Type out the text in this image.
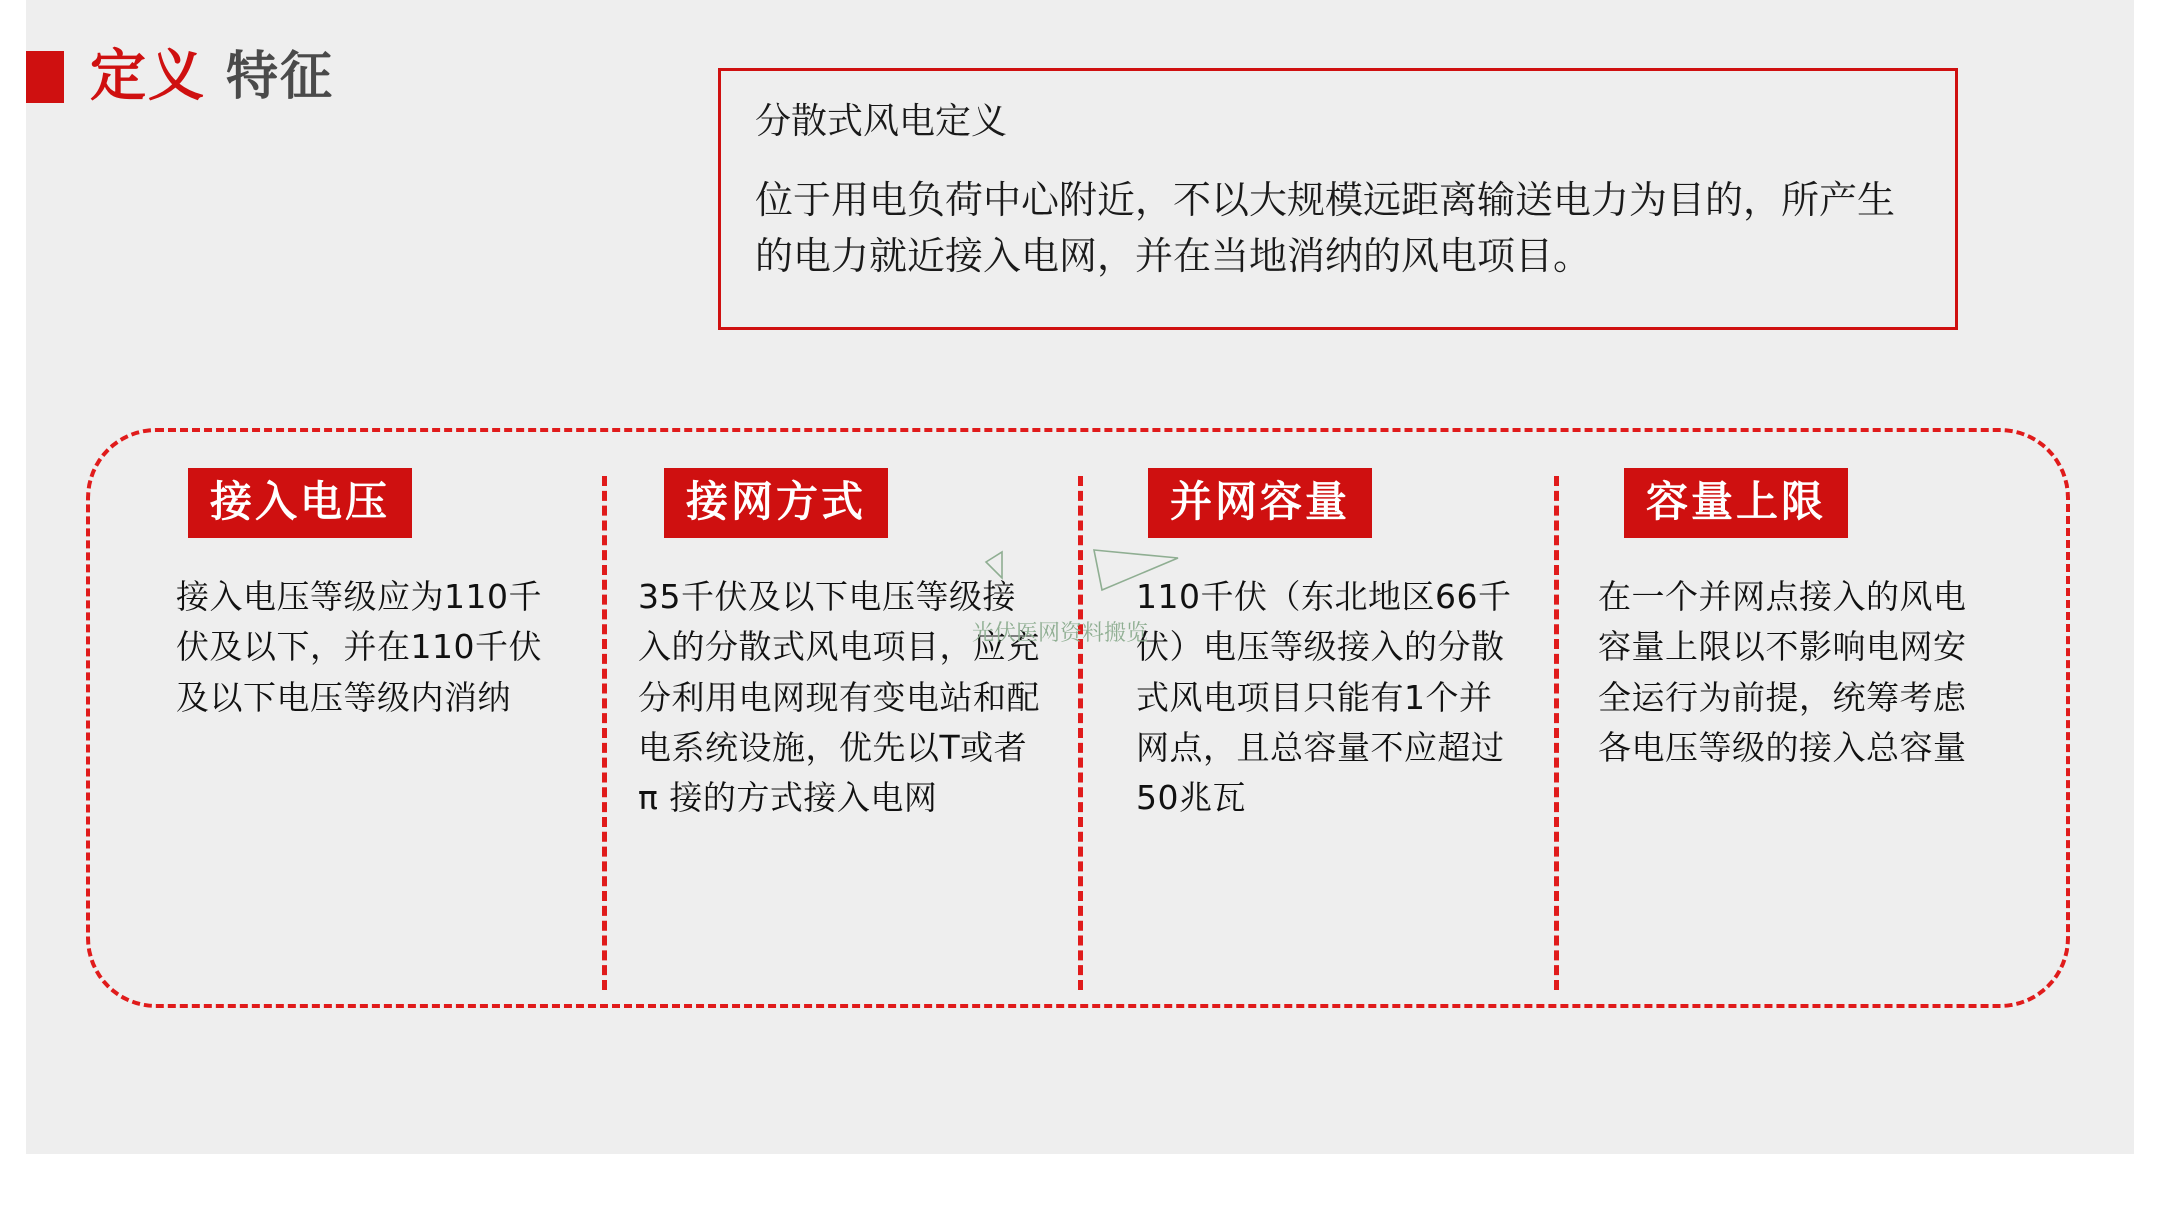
定义 特征
分散式风电定义
位于用电负荷中心附近，不以大规模远距离输送电力为目的，所产生的电力就近接入电网，并在当地消纳的风电项目。
接入电压
接入电压等级应为110千伏及以下，并在110千伏及以下电压等级内消纳
接网方式
35千伏及以下电压等级接入的分散式风电项目，应充分利用电网现有变电站和配电系统设施，优先以T或者π 接的方式接入电网
并网容量
110千伏（东北地区66千伏）电压等级接入的分散式风电项目只能有1个并网点，且总容量不应超过50兆瓦
容量上限
在一个并网点接入的风电容量上限以不影响电网安全运行为前提，统筹考虑各电压等级的接入总容量
光伏医网资料搬览
